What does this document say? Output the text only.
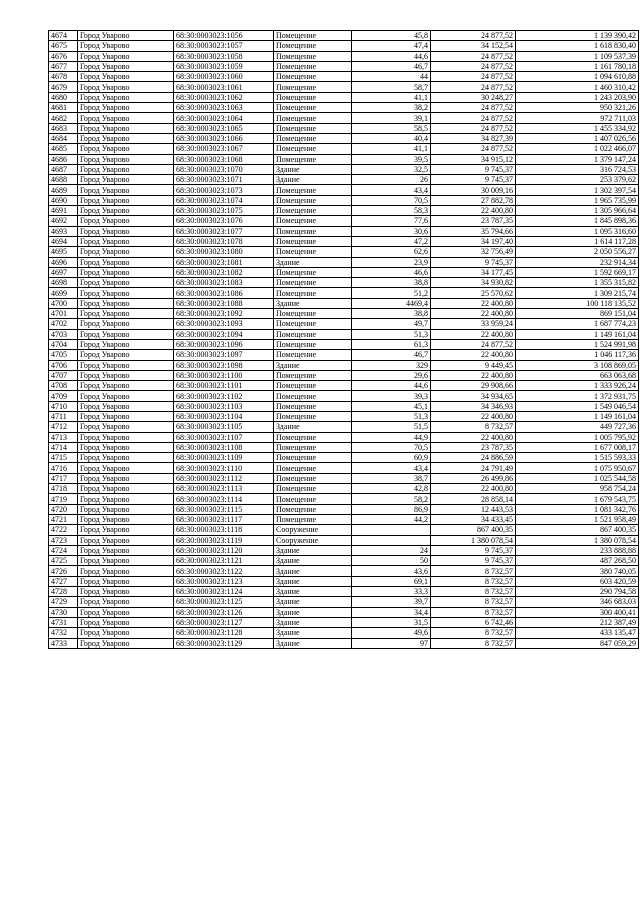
4674	Город Уварово	68:30:0003023:1056	Помещение	45,8	24 877,52	1 139 390,42
4675	Город Уварово	68:30:0003023:1057	Помещение	47,4	34 152,54	1 618 830,40
4676	Город Уварово	68:30:0003023:1058	Помещение	44,6	24 877,52	1 109 537,39
4677	Город Уварово	68:30:0003023:1059	Помещение	46,7	24 877,52	1 161 780,18
4678	Город Уварово	68:30:0003023:1060	Помещение	44	24 877,52	1 094 610,88
4679	Город Уварово	68:30:0003023:1061	Помещение	58,7	24 877,52	1 460 310,42
4680	Город Уварово	68:30:0003023:1062	Помещение	41,1	30 248,27	1 243 203,90
4681	Город Уварово	68:30:0003023:1063	Помещение	38,2	24 877,52	950 321,26
4682	Город Уварово	68:30:0003023:1064	Помещение	39,1	24 877,52	972 711,03
4683	Город Уварово	68:30:0003023:1065	Помещение	58,5	24 877,52	1 455 334,92
4684	Город Уварово	68:30:0003023:1066	Помещение	40,4	34 827,39	1 407 026,56
4685	Город Уварово	68:30:0003023:1067	Помещение	41,1	24 877,52	1 022 466,07
4686	Город Уварово	68:30:0003023:1068	Помещение	39,5	34 915,12	1 379 147,24
4687	Город Уварово	68:30:0003023:1070	Здание	32,5	9 745,37	316 724,53
4688	Город Уварово	68:30:0003023:1071	Здание	26	9 745,37	253 379,62
4689	Город Уварово	68:30:0003023:1073	Помещение	43,4	30 009,16	1 302 397,54
4690	Город Уварово	68:30:0003023:1074	Помещение	70,5	27 882,78	1 965 735,99
4691	Город Уварово	68:30:0003023:1075	Помещение	58,3	22 400,80	1 305 966,64
4692	Город Уварово	68:30:0003023:1076	Помещение	77,6	23 787,35	1 845 898,36
4693	Город Уварово	68:30:0003023:1077	Помещение	30,6	35 794,66	1 095 316,60
4694	Город Уварово	68:30:0003023:1078	Помещение	47,2	34 197,40	1 614 117,28
4695	Город Уварово	68:30:0003023:1080	Помещение	62,6	32 756,49	2 050 556,27
4696	Город Уварово	68:30:0003023:1081	Здание	23,9	9 745,37	232 914,34
4697	Город Уварово	68:30:0003023:1082	Помещение	46,6	34 177,45	1 592 669,17
4698	Город Уварово	68:30:0003023:1083	Помещение	38,8	34 930,82	1 355 315,82
4699	Город Уварово	68:30:0003023:1086	Помещение	51,2	25 570,62	1 309 215,74
4700	Город Уварово	68:30:0003023:1088	Здание	4469,4	22 400,80	100 118 135,52
4701	Город Уварово	68:30:0003023:1092	Помещение	38,8	22 400,80	869 151,04
4702	Город Уварово	68:30:0003023:1093	Помещение	49,7	33 959,24	1 687 774,23
4703	Город Уварово	68:30:0003023:1094	Помещение	51,3	22 400,80	1 149 161,04
4704	Город Уварово	68:30:0003023:1096	Помещение	61,3	24 877,52	1 524 991,98
4705	Город Уварово	68:30:0003023:1097	Помещение	46,7	22 400,80	1 046 117,36
4706	Город Уварово	68:30:0003023:1098	Здание	329	9 449,45	3 108 869,05
4707	Город Уварово	68:30:0003023:1100	Помещение	29,6	22 400,80	663 063,68
4708	Город Уварово	68:30:0003023:1101	Помещение	44,6	29 908,66	1 333 926,24
4709	Город Уварово	68:30:0003023:1102	Помещение	39,3	34 934,65	1 372 931,75
4710	Город Уварово	68:30:0003023:1103	Помещение	45,1	34 346,93	1 549 046,54
4711	Город Уварово	68:30:0003023:1104	Помещение	51,3	22 400,80	1 149 161,04
4712	Город Уварово	68:30:0003023:1105	Здание	51,5	8 732,57	449 727,36
4713	Город Уварово	68:30:0003023:1107	Помещение	44,9	22 400,80	1 005 795,92
4714	Город Уварово	68:30:0003023:1108	Помещение	70,5	23 787,35	1 677 008,17
4715	Город Уварово	68:30:0003023:1109	Помещение	60,9	24 886,59	1 515 593,33
4716	Город Уварово	68:30:0003023:1110	Помещение	43,4	24 791,49	1 075 950,67
4717	Город Уварово	68:30:0003023:1112	Помещение	38,7	26 499,86	1 025 544,58
4718	Город Уварово	68:30:0003023:1113	Помещение	42,8	22 400,80	958 754,24
4719	Город Уварово	68:30:0003023:1114	Помещение	58,2	28 858,14	1 679 543,75
4720	Город Уварово	68:30:0003023:1115	Помещение	86,9	12 443,53	1 081 342,76
4721	Город Уварово	68:30:0003023:1117	Помещение	44,2	34 433,45	1 521 958,49
4722	Город Уварово	68:30:0003023:1118	Сооружение		867 400,35	867 400,35
4723	Город Уварово	68:30:0003023:1119	Сооружение		1 380 078,54	1 380 078,54
4724	Город Уварово	68:30:0003023:1120	Здание	24	9 745,37	233 888,88
4725	Город Уварово	68:30:0003023:1121	Здание	50	9 745,37	487 268,50
4726	Город Уварово	68:30:0003023:1122	Здание	43,6	8 732,57	380 740,05
4727	Город Уварово	68:30:0003023:1123	Здание	69,1	8 732,57	603 420,59
4728	Город Уварово	68:30:0003023:1124	Здание	33,3	8 732,57	290 794,58
4729	Город Уварово	68:30:0003023:1125	Здание	39,7	8 732,57	346 683,03
4730	Город Уварово	68:30:0003023:1126	Здание	34,4	8 732,57	300 400,41
4731	Город Уварово	68:30:0003023:1127	Здание	31,5	6 742,46	212 387,49
4732	Город Уварово	68:30:0003023:1128	Здание	49,6	8 732,57	433 135,47
4733	Город Уварово	68:30:0003023:1129	Здание	97	8 732,57	847 059,29
